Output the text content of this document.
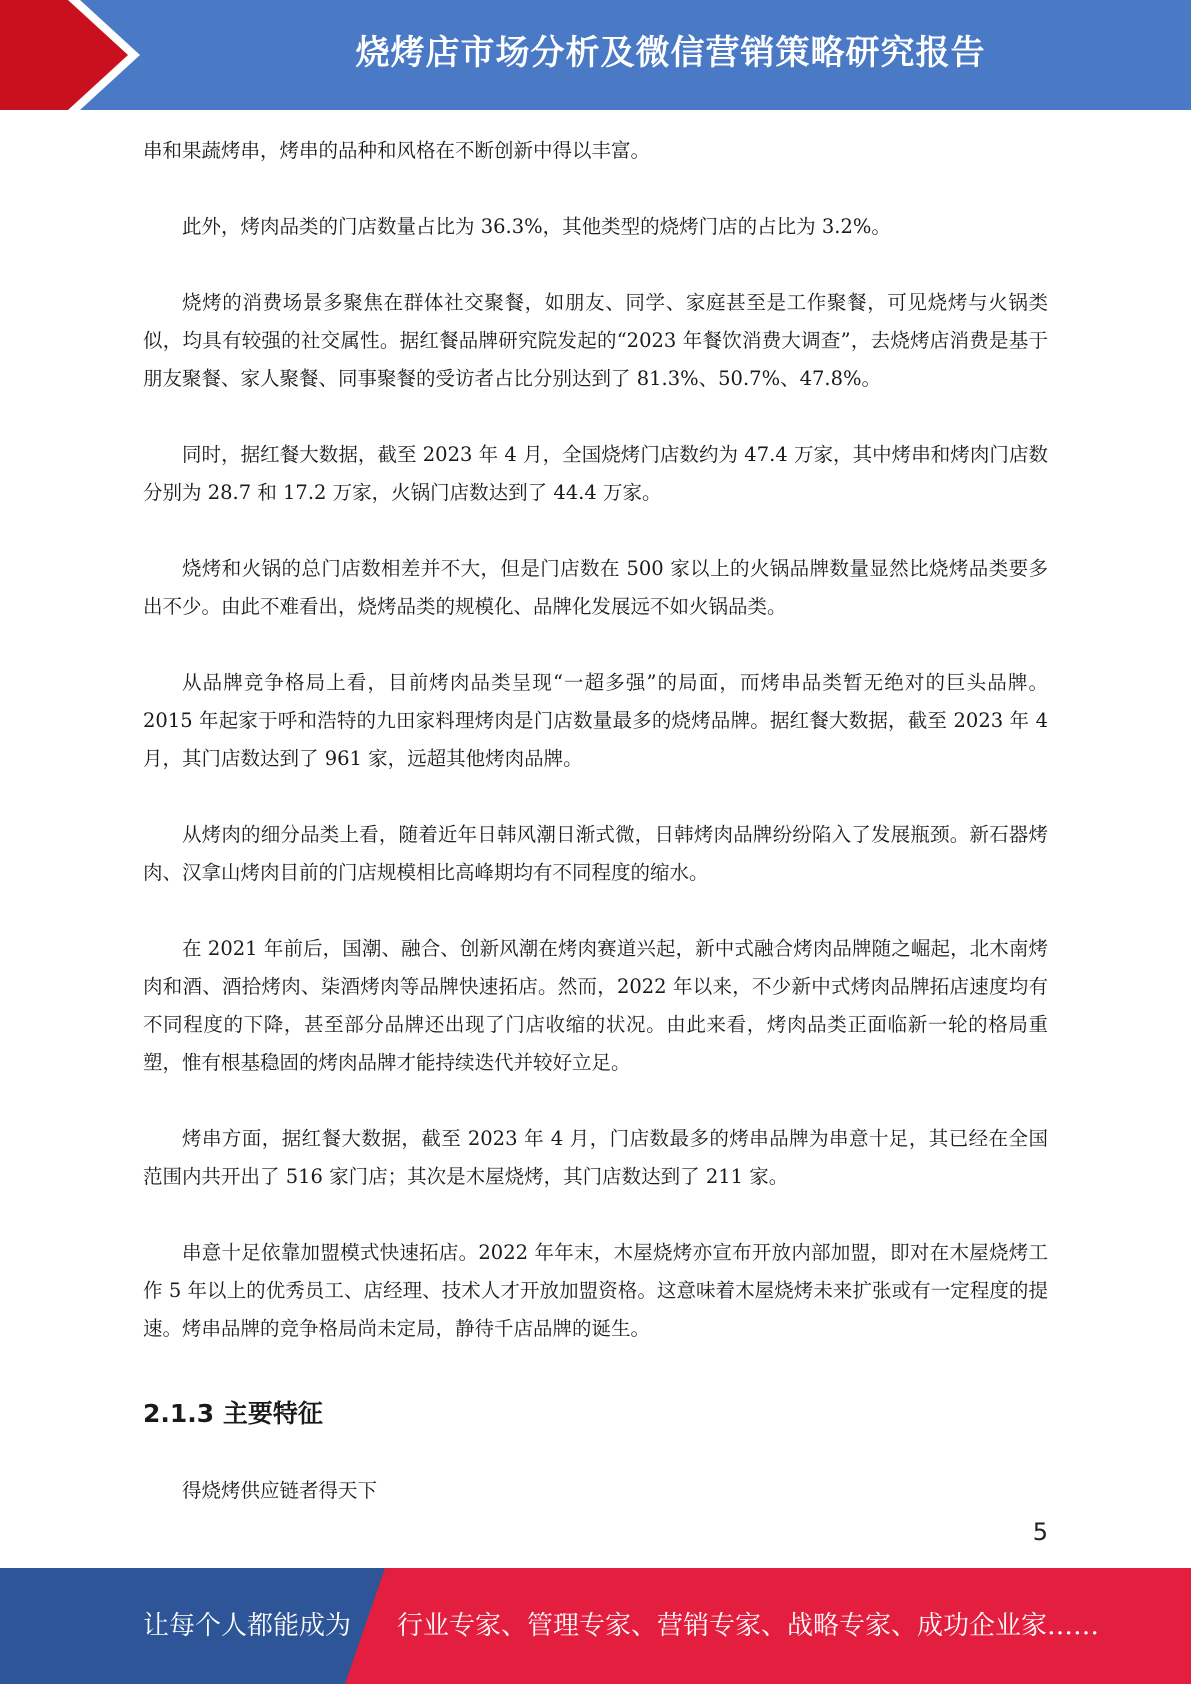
烧烤店市场分析及微信营销策略研究报告

串和果蔬烤串，烤串的品种和风格在不断创新中得以丰富。

此外，烤肉品类的门店数量占比为 36.3%，其他类型的烧烤门店的占比为 3.2%。

烧烤的消费场景多聚焦在群体社交聚餐，如朋友、同学、家庭甚至是工作聚餐，可见烧烤与火锅类似，均具有较强的社交属性。据红餐品牌研究院发起的“2023 年餐饮消费大调查”，去烧烤店消费是基于朋友聚餐、家人聚餐、同事聚餐的受访者占比分别达到了 81.3%、50.7%、47.8%。

同时，据红餐大数据，截至 2023 年 4 月，全国烧烤门店数约为 47.4 万家，其中烤串和烤肉门店数分别为 28.7 和 17.2 万家，火锅门店数达到了 44.4 万家。

烧烤和火锅的总门店数相差并不大，但是门店数在 500 家以上的火锅品牌数量显然比烧烤品类要多出不少。由此不难看出，烧烤品类的规模化、品牌化发展远不如火锅品类。

从品牌竞争格局上看，目前烤肉品类呈现“一超多强”的局面，而烤串品类暂无绝对的巨头品牌。2015 年起家于呼和浩特的九田家料理烤肉是门店数量最多的烧烤品牌。据红餐大数据，截至 2023 年 4 月，其门店数达到了 961 家，远超其他烤肉品牌。

从烤肉的细分品类上看，随着近年日韩风潮日渐式微，日韩烤肉品牌纷纷陷入了发展瓶颈。新石器烤肉、汉拿山烤肉目前的门店规模相比高峰期均有不同程度的缩水。

在 2021 年前后，国潮、融合、创新风潮在烤肉赛道兴起，新中式融合烤肉品牌随之崛起，北木南烤肉和酒、酒拾烤肉、柒酒烤肉等品牌快速拓店。然而，2022 年以来，不少新中式烤肉品牌拓店速度均有不同程度的下降，甚至部分品牌还出现了门店收缩的状况。由此来看，烤肉品类正面临新一轮的格局重塑，惟有根基稳固的烤肉品牌才能持续迭代并较好立足。

烤串方面，据红餐大数据，截至 2023 年 4 月，门店数最多的烤串品牌为串意十足，其已经在全国范围内共开出了 516 家门店；其次是木屋烧烤，其门店数达到了 211 家。

串意十足依靠加盟模式快速拓店。2022 年年末，木屋烧烤亦宣布开放内部加盟，即对在木屋烧烤工作 5 年以上的优秀员工、店经理、技术人才开放加盟资格。这意味着木屋烧烤未来扩张或有一定程度的提速。烤串品牌的竞争格局尚未定局，静待千店品牌的诞生。

2.1.3 主要特征

得烧烤供应链者得天下

5
让每个人都能成为 行业专家、管理专家、营销专家、战略专家、成功企业家……
